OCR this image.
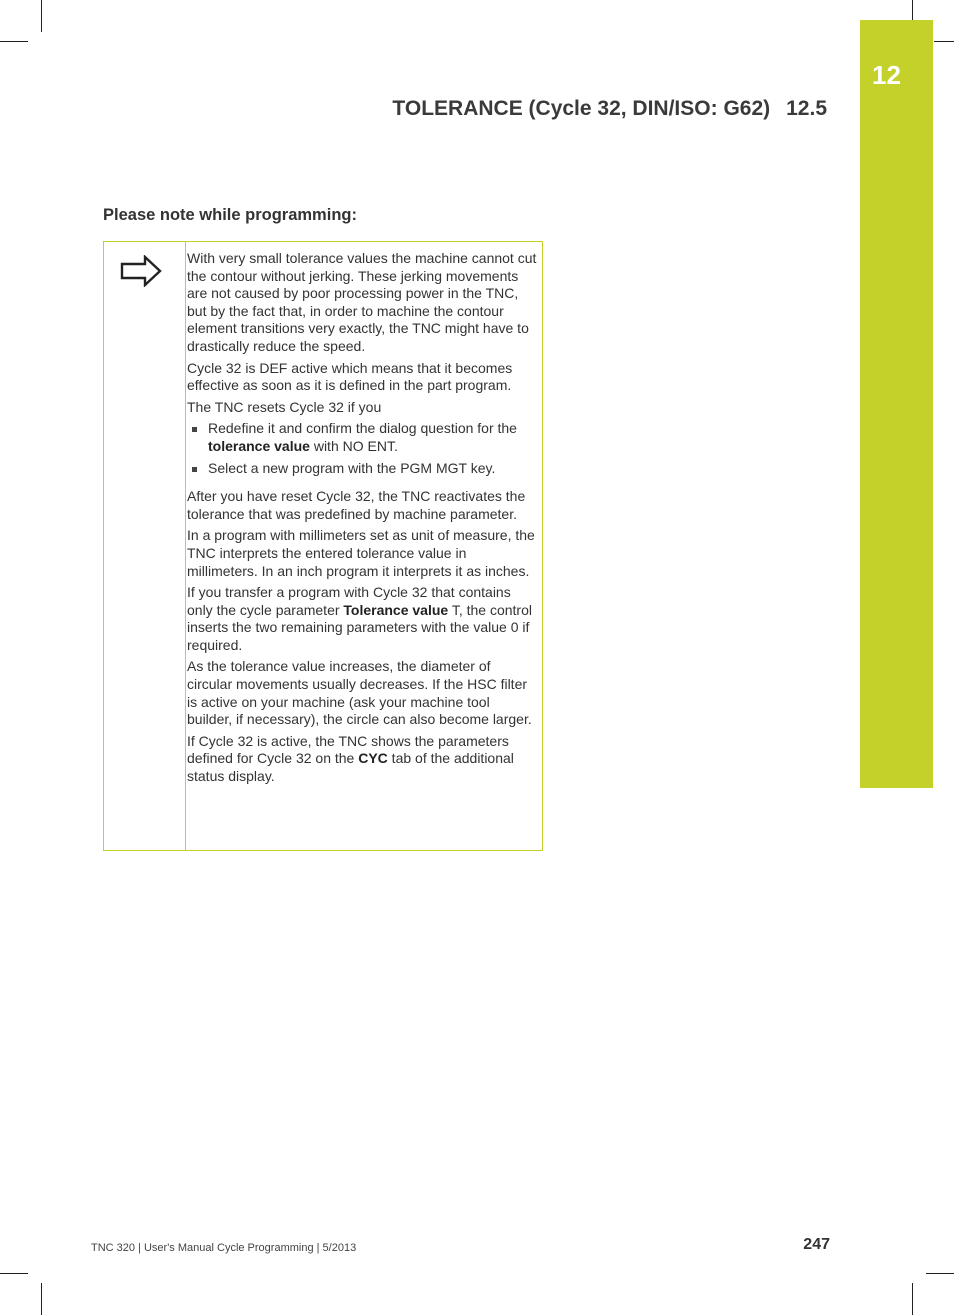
12
TOLERANCE (Cycle 32, DIN/ISO: G62) 12.5
Please note while programming:

With very small tolerance values the machine cannot cut the contour without jerking. These jerking movements are not caused by poor processing power in the TNC, but by the fact that, in order to machine the contour element transitions very exactly, the TNC might have to drastically reduce the speed.

Cycle 32 is DEF active which means that it becomes effective as soon as it is defined in the part program.

The TNC resets Cycle 32 if you

Redefine it and confirm the dialog question for the tolerance value with NO ENT.
Select a new program with the PGM MGT key.

After you have reset Cycle 32, the TNC reactivates the tolerance that was predefined by machine parameter.

In a program with millimeters set as unit of measure, the TNC interprets the entered tolerance value in millimeters. In an inch program it interprets it as inches.

If you transfer a program with Cycle 32 that contains only the cycle parameter Tolerance value T, the control inserts the two remaining parameters with the value 0 if required.

As the tolerance value increases, the diameter of circular movements usually decreases. If the HSC filter is active on your machine (ask your machine tool builder, if necessary), the circle can also become larger.

If Cycle 32 is active, the TNC shows the parameters defined for Cycle 32 on the CYC tab of the additional status display.

TNC 320 | User's Manual Cycle Programming | 5/2013	247
